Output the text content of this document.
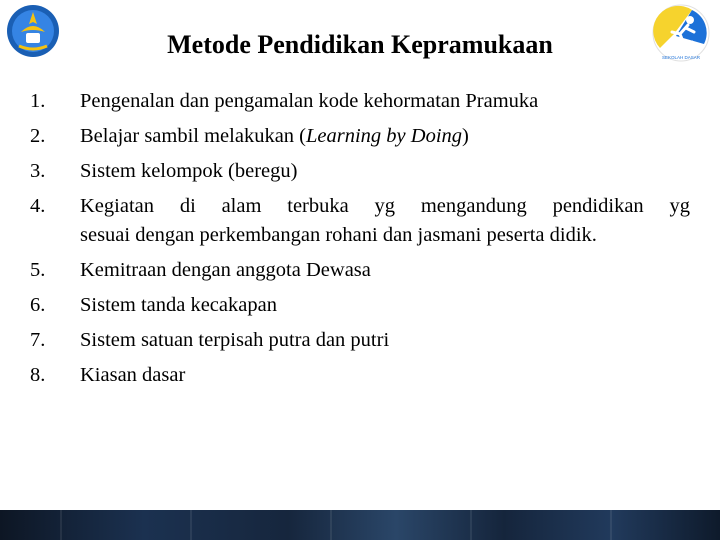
SEKOLAH DASAR
Metode Pendidikan Kepramukaan
1.	Pengenalan dan pengamalan kode kehormatan Pramuka
2.	Belajar sambil melakukan (Learning by Doing)
3.	Sistem kelompok (beregu)
4.	Kegiatan di alam terbuka yg mengandung pendidikan yg
sesuai dengan perkembangan rohani dan jasmani peserta didik.
5.	Kemitraan dengan anggota Dewasa
6.	Sistem tanda kecakapan
7.	Sistem satuan terpisah putra dan putri
8.	Kiasan dasar
